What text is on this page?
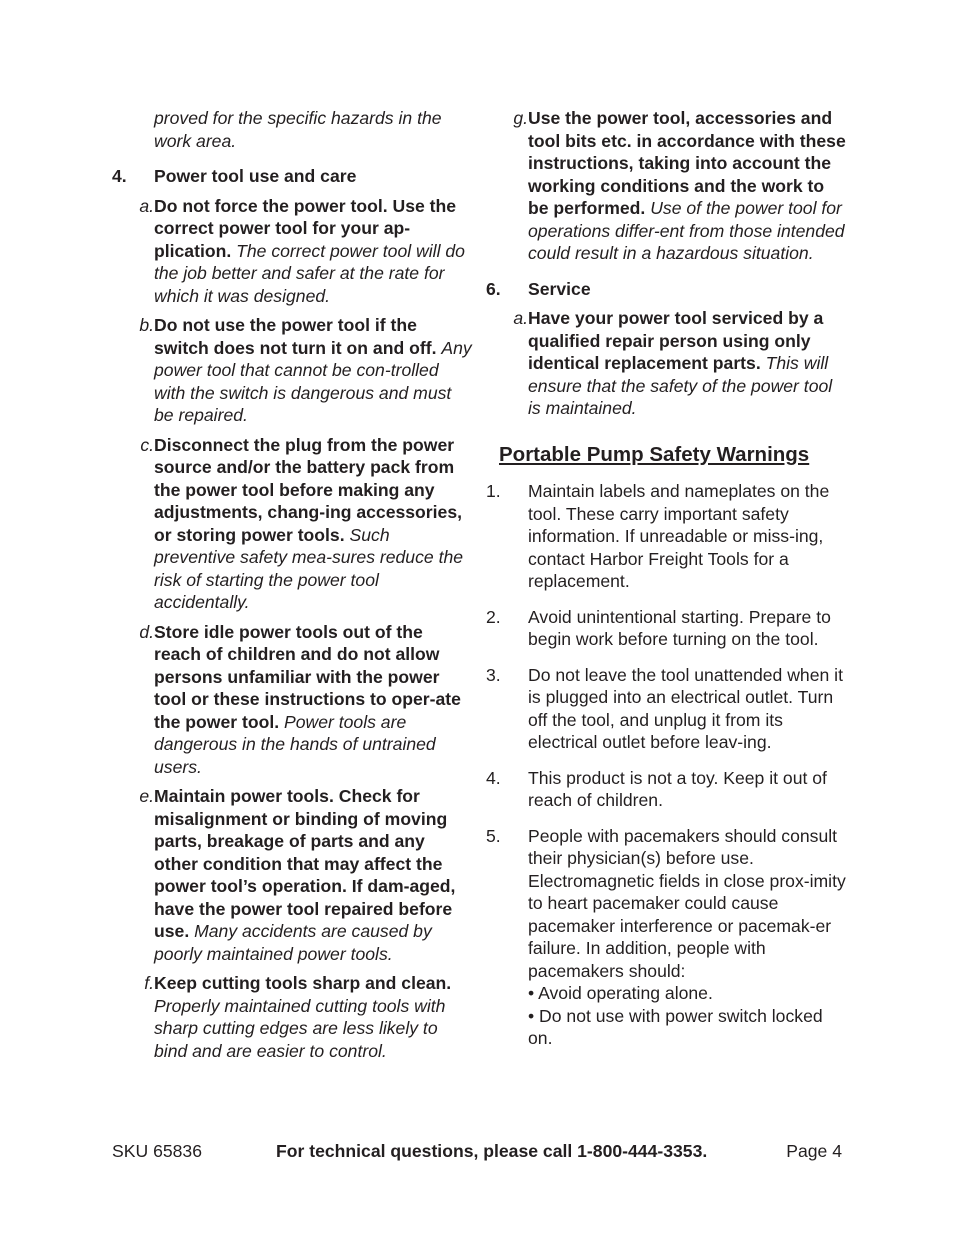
proved for the specific hazards in the work area.
4. Power tool use and care
a. Do not force the power tool. Use the correct power tool for your ap-plication. The correct power tool will do the job better and safer at the rate for which it was designed.
b. Do not use the power tool if the switch does not turn it on and off. Any power tool that cannot be con-trolled with the switch is dangerous and must be repaired.
c. Disconnect the plug from the power source and/or the battery pack from the power tool before making any adjustments, chang-ing accessories, or storing power tools. Such preventive safety mea-sures reduce the risk of starting the power tool accidentally.
d. Store idle power tools out of the reach of children and do not allow persons unfamiliar with the power tool or these instructions to oper-ate the power tool. Power tools are dangerous in the hands of untrained users.
e. Maintain power tools. Check for misalignment or binding of moving parts, breakage of parts and any other condition that may affect the power tool’s operation. If dam-aged, have the power tool repaired before use. Many accidents are caused by poorly maintained power tools.
f. Keep cutting tools sharp and clean. Properly maintained cutting tools with sharp cutting edges are less likely to bind and are easier to control.
g. Use the power tool, accessories and tool bits etc. in accordance with these instructions, taking into account the working conditions and the work to be performed. Use of the power tool for operations differ-ent from those intended could result in a hazardous situation.
6. Service
a. Have your power tool serviced by a qualified repair person using only identical replacement parts. This will ensure that the safety of the power tool is maintained.
Portable Pump Safety Warnings
1. Maintain labels and nameplates on the tool. These carry important safety information. If unreadable or miss-ing, contact Harbor Freight Tools for a replacement.
2. Avoid unintentional starting. Prepare to begin work before turning on the tool.
3. Do not leave the tool unattended when it is plugged into an electrical outlet. Turn off the tool, and unplug it from its electrical outlet before leav-ing.
4. This product is not a toy. Keep it out of reach of children.
5. People with pacemakers should consult their physician(s) before use. Electromagnetic fields in close prox-imity to heart pacemaker could cause pacemaker interference or pacemak-er failure. In addition, people with pacemakers should:
• Avoid operating alone.
• Do not use with power switch locked on.
SKU 65836	For technical questions, please call 1-800-444-3353.	Page 4
